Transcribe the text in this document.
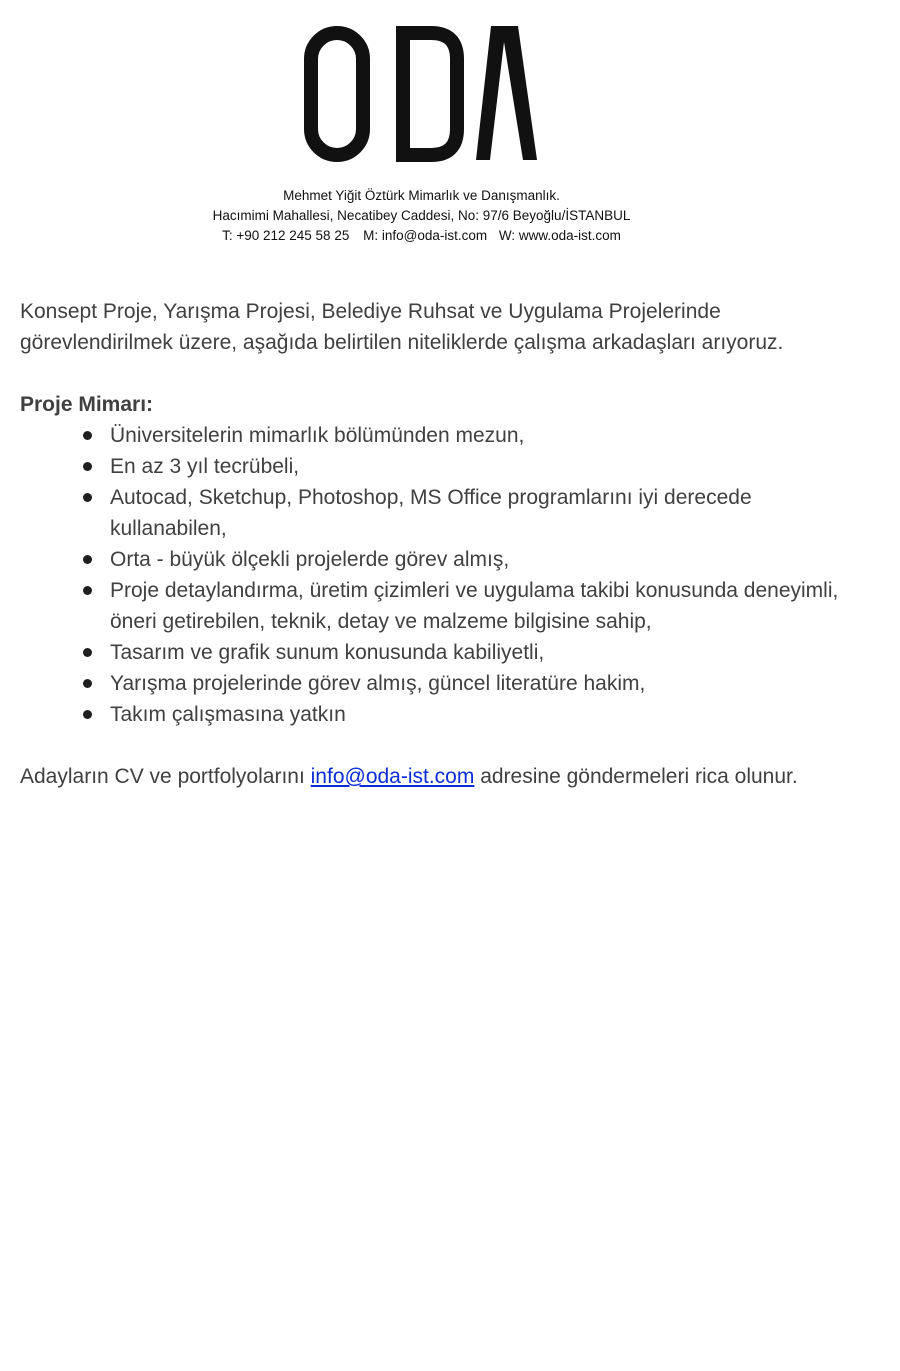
Mehmet Yiğit Öztürk Mimarlık ve Danışmanlık.
Hacımimi Mahallesi, Necatibey Caddesi, No: 97/6 Beyoğlu/İSTANBUL
T: +90 212 245 58 25 M: info@oda-ist.com W: www.oda-ist.com

Konsept Proje, Yarışma Projesi, Belediye Ruhsat ve Uygulama Projelerinde görevlendirilmek üzere, aşağıda belirtilen niteliklerde çalışma arkadaşları arıyoruz.

Proje Mimarı:
Üniversitelerin mimarlık bölümünden mezun,
En az 3 yıl tecrübeli,
Autocad, Sketchup, Photoshop, MS Office programlarını iyi derecede kullanabilen,
Orta - büyük ölçekli projelerde görev almış,
Proje detaylandırma, üretim çizimleri ve uygulama takibi konusunda deneyimli, öneri getirebilen, teknik, detay ve malzeme bilgisine sahip,
Tasarım ve grafik sunum konusunda kabiliyetli,
Yarışma projelerinde görev almış, güncel literatüre hakim,
Takım çalışmasına yatkın

Adayların CV ve portfolyolarını info@oda-ist.com adresine göndermeleri rica olunur.
